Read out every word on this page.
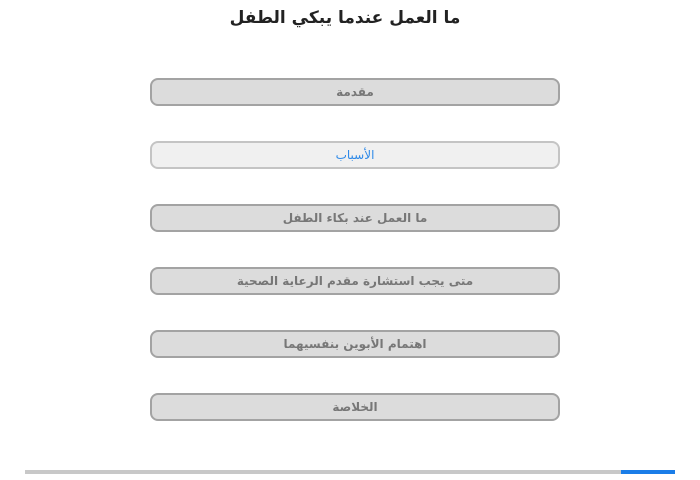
ما العمل عندما يبكي الطفل
مقدمة
الأسباب
ما العمل عند بكاء الطفل
متى يجب استشارة مقدم الرعاية الصحية
اهتمام الأبوين بنفسيهما
الخلاصة
